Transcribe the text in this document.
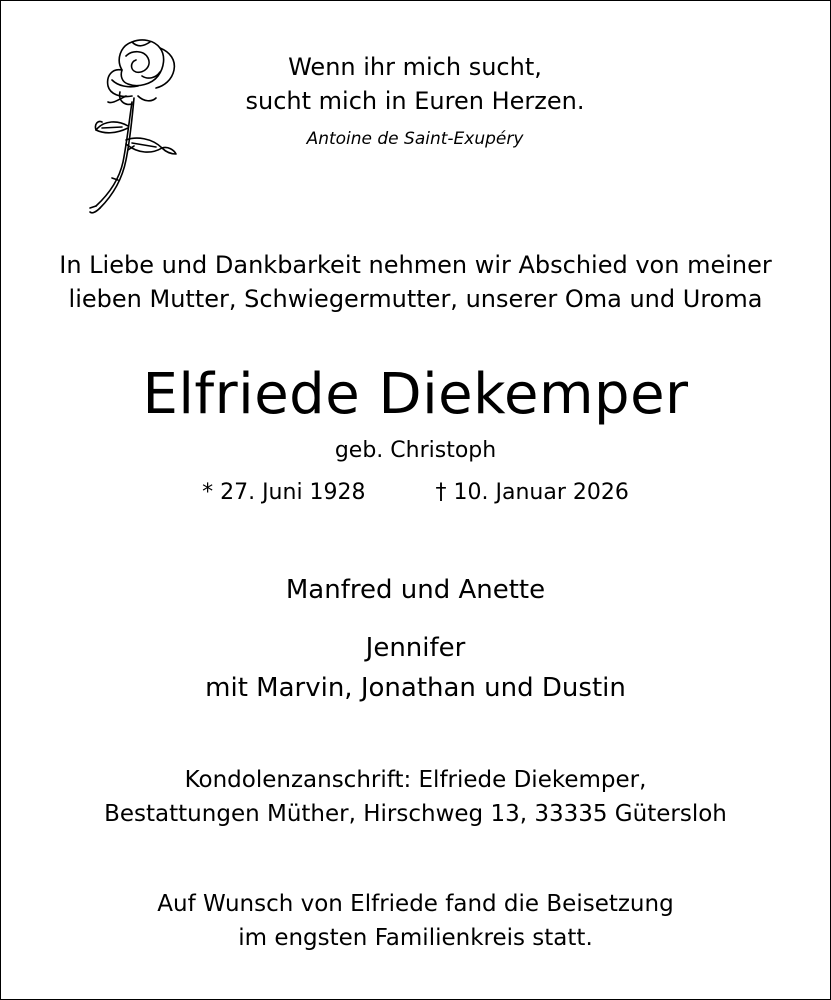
Wenn ihr mich sucht,
sucht mich in Euren Herzen.
Antoine de Saint-Exupéry
In Liebe und Dankbarkeit nehmen wir Abschied von meiner
lieben Mutter, Schwiegermutter, unserer Oma und Uroma
Elfriede Diekemper
geb. Christoph
* 27. Juni 1928	† 10. Januar 2026
Manfred und Anette
Jennifer
mit Marvin, Jonathan und Dustin
Kondolenzanschrift: Elfriede Diekemper,
Bestattungen Müther, Hirschweg 13, 33335 Gütersloh
Auf Wunsch von Elfriede fand die Beisetzung
im engsten Familienkreis statt.
